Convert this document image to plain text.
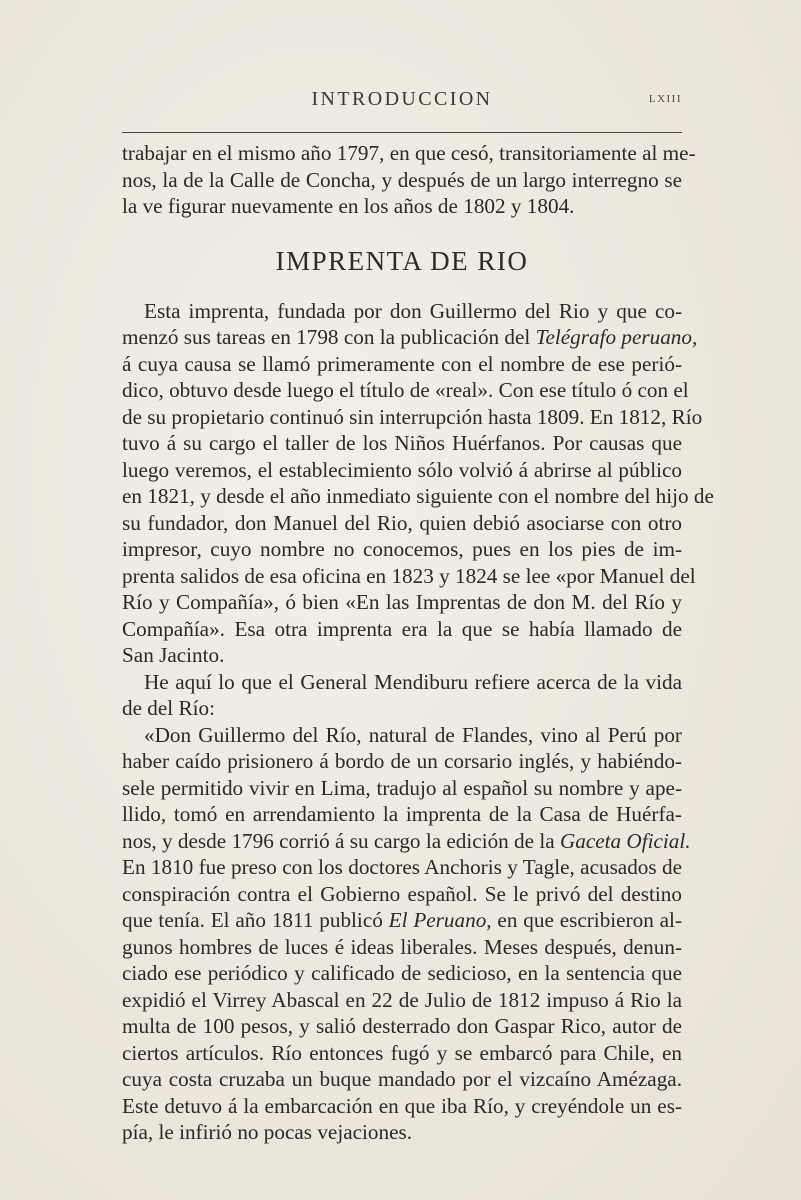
INTRODUCCION	LXIII
trabajar en el mismo año 1797, en que cesó, transitoriamente al me-
nos, la de la Calle de Concha, y después de un largo interregno se
la ve figurar nuevamente en los años de 1802 y 1804.
IMPRENTA DE RIO
Esta imprenta, fundada por don Guillermo del Rio y que co-
menzó sus tareas en 1798 con la publicación del Telégrafo peruano,
á cuya causa se llamó primeramente con el nombre de ese perió-
dico, obtuvo desde luego el título de «real». Con ese título ó con el
de su propietario continuó sin interrupción hasta 1809. En 1812, Río
tuvo á su cargo el taller de los Niños Huérfanos. Por causas que
luego veremos, el establecimiento sólo volvió á abrirse al público
en 1821, y desde el año inmediato siguiente con el nombre del hijo de
su fundador, don Manuel del Rio, quien debió asociarse con otro
impresor, cuyo nombre no conocemos, pues en los pies de im-
prenta salidos de esa oficina en 1823 y 1824 se lee «por Manuel del
Río y Compañía», ó bien «En las Imprentas de don M. del Río y
Compañía». Esa otra imprenta era la que se había llamado de
San Jacinto.
He aquí lo que el General Mendiburu refiere acerca de la vida
de del Río:
«Don Guillermo del Río, natural de Flandes, vino al Perú por
haber caído prisionero á bordo de un corsario inglés, y habiéndo-
sele permitido vivir en Lima, tradujo al español su nombre y ape-
llido, tomó en arrendamiento la imprenta de la Casa de Huérfa-
nos, y desde 1796 corrió á su cargo la edición de la Gaceta Oficial.
En 1810 fue preso con los doctores Anchoris y Tagle, acusados de
conspiración contra el Gobierno español. Se le privó del destino
que tenía. El año 1811 publicó El Peruano, en que escribieron al-
gunos hombres de luces é ideas liberales. Meses después, denun-
ciado ese periódico y calificado de sedicioso, en la sentencia que
expidió el Virrey Abascal en 22 de Julio de 1812 impuso á Rio la
multa de 100 pesos, y salió desterrado don Gaspar Rico, autor de
ciertos artículos. Río entonces fugó y se embarcó para Chile, en
cuya costa cruzaba un buque mandado por el vizcaíno Amézaga.
Este detuvo á la embarcación en que iba Río, y creyéndole un es-
pía, le infirió no pocas vejaciones.
